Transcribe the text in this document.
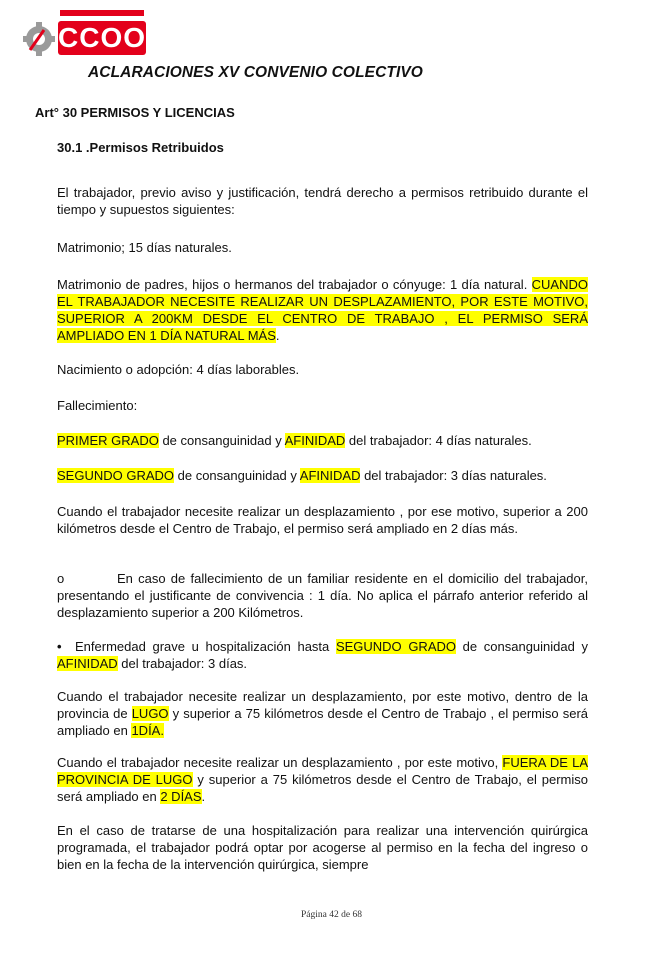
CCOO
ACLARACIONES XV CONVENIO COLECTIVO
Art° 30 PERMISOS Y LICENCIAS
30.1 .Permisos Retribuidos

El trabajador, previo aviso y justificación, tendrá derecho a permisos retribuido durante el tiempo y supuestos siguientes:

Matrimonio; 15 días naturales.

Matrimonio de padres, hijos o hermanos del trabajador o cónyuge: 1 día natural. CUANDO EL TRABAJADOR NECESITE REALIZAR UN DESPLAZAMIENTO, POR ESTE MOTIVO, SUPERIOR A 200KM DESDE EL CENTRO DE TRABAJO , EL PERMISO SERÁ AMPLIADO EN 1 DÍA NATURAL MÁS.

Nacimiento o adopción: 4 días laborables.

Fallecimiento:

PRIMER GRADO de consanguinidad y AFINIDAD del trabajador: 4 días naturales.

SEGUNDO GRADO de consanguinidad y AFINIDAD del trabajador: 3 días naturales.

Cuando el trabajador necesite realizar un desplazamiento , por ese motivo, superior a 200 kilómetros desde el Centro de Trabajo, el permiso será ampliado en 2 días más.

o	En caso de fallecimiento de un familiar residente en el domicilio del trabajador, presentando el justificante de convivencia : 1 día. No aplica el párrafo anterior referido al desplazamiento superior a 200 Kilómetros.

• Enfermedad grave u hospitalización hasta SEGUNDO GRADO de consanguinidad y AFINIDAD del trabajador: 3 días.

Cuando el trabajador necesite realizar un desplazamiento, por este motivo, dentro de la provincia de LUGO y superior a 75 kilómetros desde el Centro de Trabajo , el permiso será ampliado en 1DÍA.

Cuando el trabajador necesite realizar un desplazamiento , por este motivo, FUERA DE LA PROVINCIA DE LUGO y superior a 75 kilómetros desde el Centro de Trabajo, el permiso será ampliado en 2 DÍAS.

En el caso de tratarse de una hospitalización para realizar una intervención quirúrgica programada, el trabajador podrá optar por acogerse al permiso en la fecha del ingreso o bien en la fecha de la intervención quirúrgica, siempre

Página 42 de 68
